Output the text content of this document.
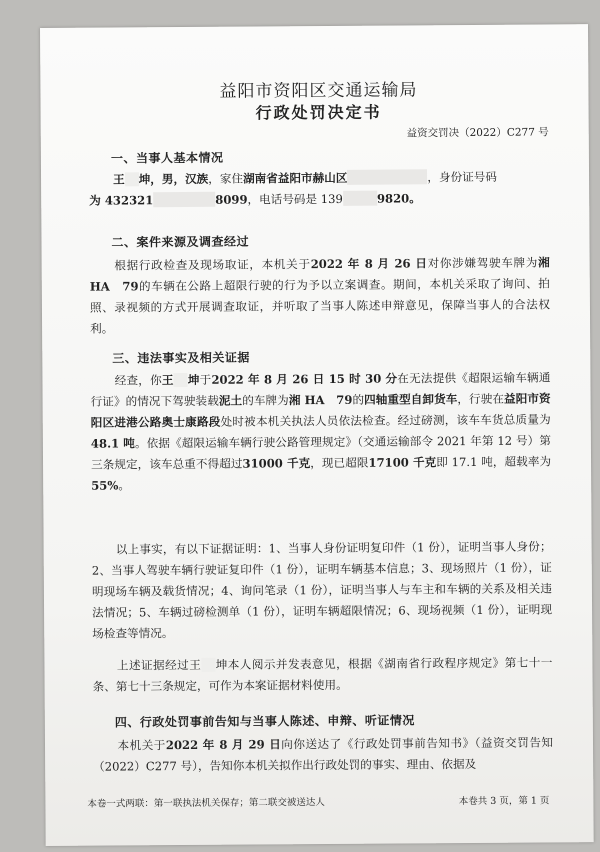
益阳市资阳区交通运输局
行政处罚决定书
益资交罚决（2022）C277 号
一、当事人基本情况
王 坤，男，汉族，家住湖南省益阳市赫山区	，身份证号码
为 432321	8099，电话号码是 139	9820。
二、案件来源及调查经过
根据行政检查及现场取证，本机关于2022 年 8 月 26 日对你涉嫌驾驶车牌为湘 HA　79的车辆在公路上超限行驶的行为予以立案调查。期间，本机关采取了询问、拍照、录视频的方式开展调查取证，并听取了当事人陈述申辩意见，保障当事人的合法权利。
三、违法事实及相关证据
经查，你王 坤于2022 年 8 月 26 日 15 时 30 分在无法提供《超限运输车辆通行证》的情况下驾驶装载泥土的车牌为湘 HA　79的四轴重型自卸货车，行驶在益阳市资阳区进港公路奥士康路段处时被本机关执法人员依法检查。经过磅测，该车车货总质量为48.1 吨。依据《超限运输车辆行驶公路管理规定》（交通运输部令 2021 年第 12 号）第三条规定，该车总重不得超过31000 千克，现已超限17100 千克即 17.1 吨，超载率为55%。
以上事实，有以下证据证明：1、当事人身份证明复印件（1 份），证明当事人身份；2、当事人驾驶车辆行驶证复印件（1 份），证明车辆基本信息；3、现场照片（1 份），证明现场车辆及载货情况；4、询问笔录（1 份），证明当事人与车主和车辆的关系及相关违法情况；5、车辆过磅检测单（1 份），证明车辆超限情况；6、现场视频（1 份），证明现场检查等情况。
上述证据经过王 坤本人阅示并发表意见，根据《湖南省行政程序规定》第七十一条、第七十三条规定，可作为本案证据材料使用。
四、行政处罚事前告知与当事人陈述、申辩、听证情况
本机关于2022 年 8 月 29 日向你送达了《行政处罚事前告知书》（益资交罚告知（2022）C277 号），告知你本机关拟作出行政处罚的事实、理由、依据及
本卷一式两联：第一联执法机关保存；第二联交被送达人	本卷共 3 页，第 1 页
